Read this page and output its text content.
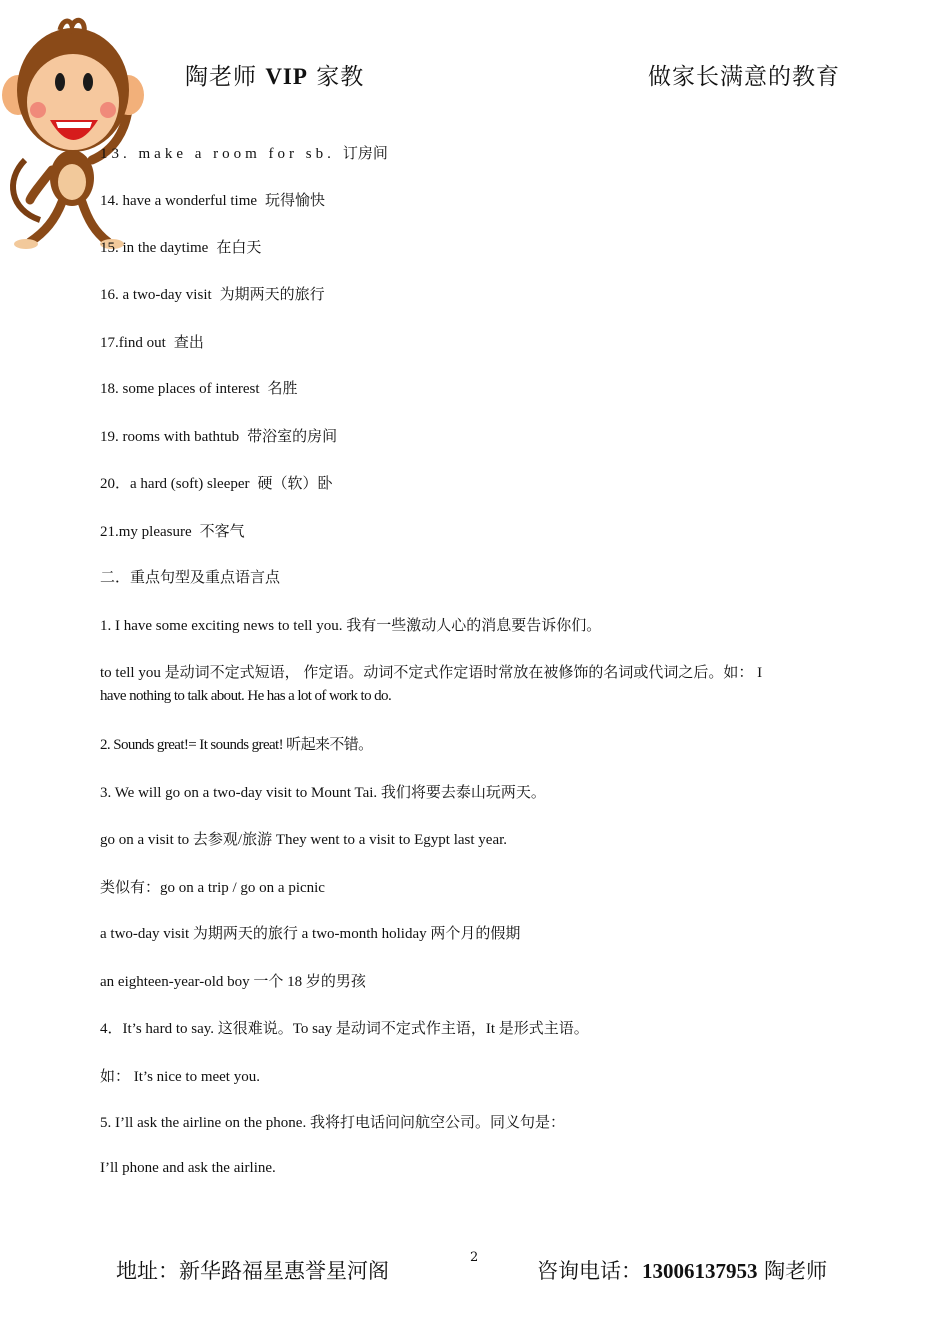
陶老师 VIP 家教	做家长满意的教育
13. make a room for sb. 订房间
14. have a wonderful time 玩得愉快
15. in the daytime 在白天
16. a two-day visit 为期两天的旅行
17.find out 查出
18. some places of interest 名胜
19. rooms with bathtub 带浴室的房间
20．a hard (soft) sleeper 硬（软）卧
21.my pleasure 不客气
二．重点句型及重点语言点
1. I have some exciting news to tell you. 我有一些激动人心的消息要告诉你们。
to tell you 是动词不定式短语， 作定语。动词不定式作定语时常放在被修饰的名词或代词之后。如： I
have nothing to talk about. He has a lot of work to do.
2. Sounds great!= It sounds great! 听起来不错。
3. We will go on a two-day visit to Mount Tai. 我们将要去泰山玩两天。
go on a visit to 去参观/旅游 They went to a visit to Egypt last year.
类似有：go on a trip / go on a picnic
a two-day visit 为期两天的旅行 a two-month holiday 两个月的假期
an eighteen-year-old boy 一个 18 岁的男孩
4．It’s hard to say. 这很难说。To say 是动词不定式作主语，It 是形式主语。
如： It’s nice to meet you.
5. I’ll ask the airline on the phone. 我将打电话问问航空公司。同义句是：
I’ll phone and ask the airline.
地址：新华路福星惠誉星河阁
2
咨询电话：13006137953 陶老师
